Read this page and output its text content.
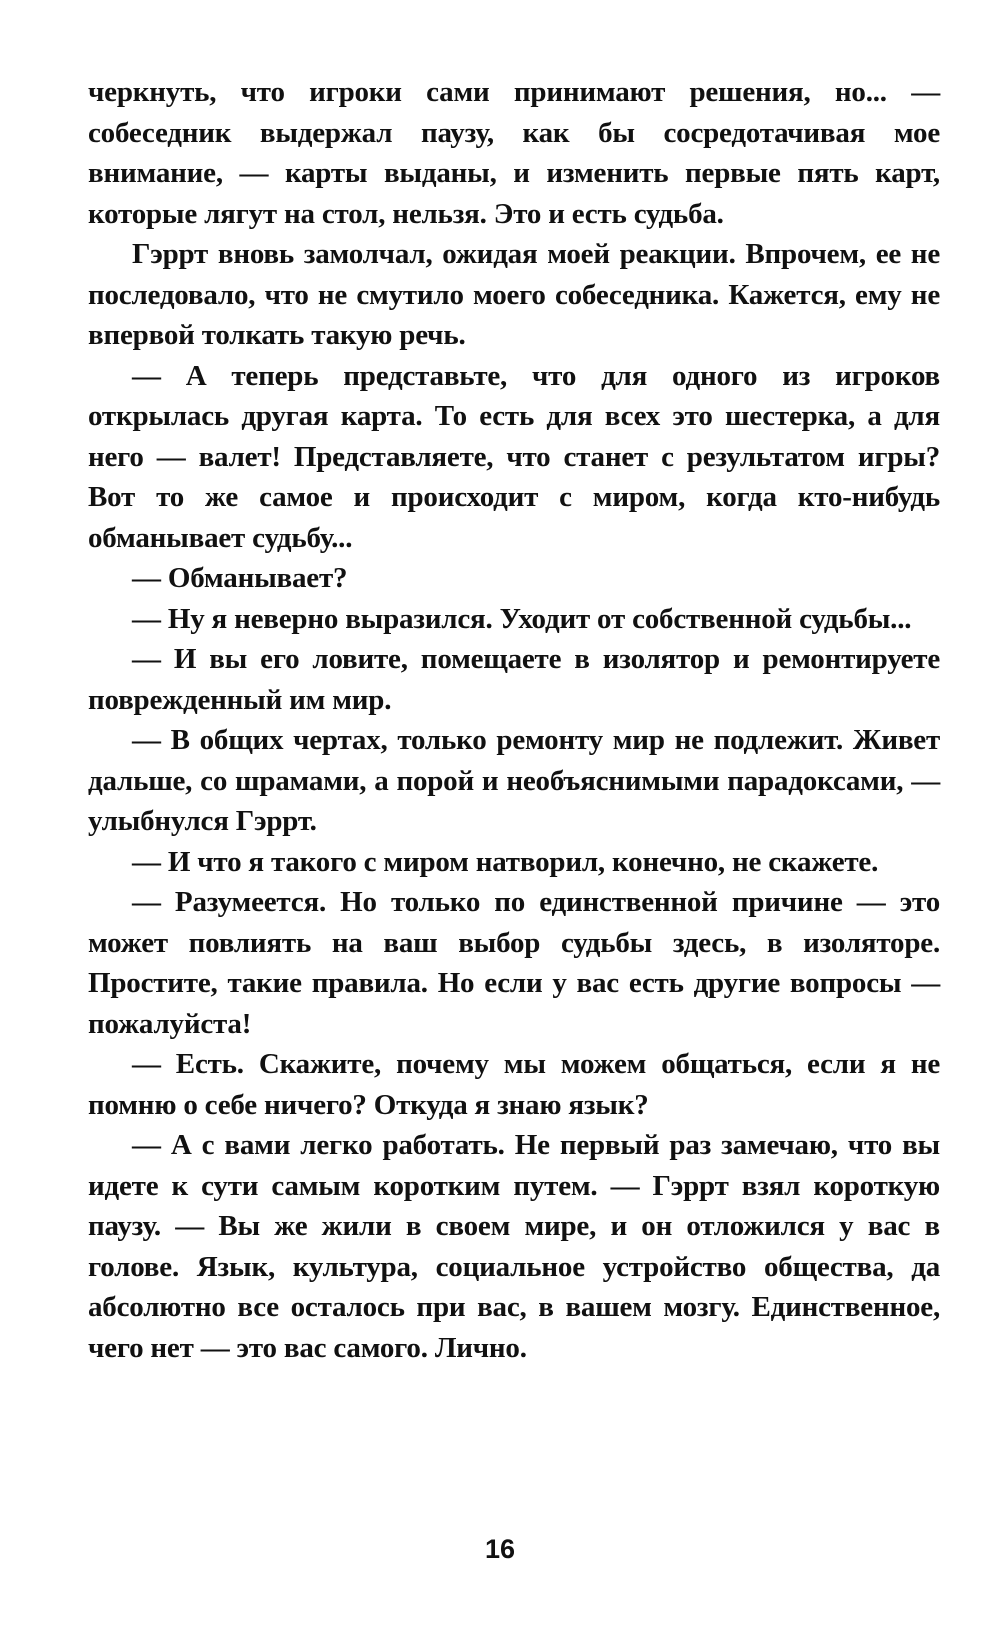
черкнуть, что игроки сами принимают решения, но... — собеседник выдержал паузу, как бы сосредотачивая мое внимание, — карты выданы, и изменить первые пять карт, которые лягут на стол, нельзя. Это и есть судьба.

Гэррт вновь замолчал, ожидая моей реакции. Впрочем, ее не последовало, что не смутило моего собеседника. Кажется, ему не впервой толкать такую речь.

— А теперь представьте, что для одного из игроков открылась другая карта. То есть для всех это шестерка, а для него — валет! Представляете, что станет с результатом игры? Вот то же самое и происходит с миром, когда кто-нибудь обманывает судьбу...

— Обманывает?

— Ну я неверно выразился. Уходит от собственной судьбы...

— И вы его ловите, помещаете в изолятор и ремонтируете поврежденный им мир.

— В общих чертах, только ремонту мир не подлежит. Живет дальше, со шрамами, а порой и необъяснимыми парадоксами, — улыбнулся Гэррт.

— И что я такого с миром натворил, конечно, не скажете.

— Разумеется. Но только по единственной причине — это может повлиять на ваш выбор судьбы здесь, в изоляторе. Простите, такие правила. Но если у вас есть другие вопросы — пожалуйста!

— Есть. Скажите, почему мы можем общаться, если я не помню о себе ничего? Откуда я знаю язык?

— А с вами легко работать. Не первый раз замечаю, что вы идете к сути самым коротким путем. — Гэррт взял короткую паузу. — Вы же жили в своем мире, и он отложился у вас в голове. Язык, культура, социальное устройство общества, да абсолютно все осталось при вас, в вашем мозгу. Единственное, чего нет — это вас самого. Лично.

16
